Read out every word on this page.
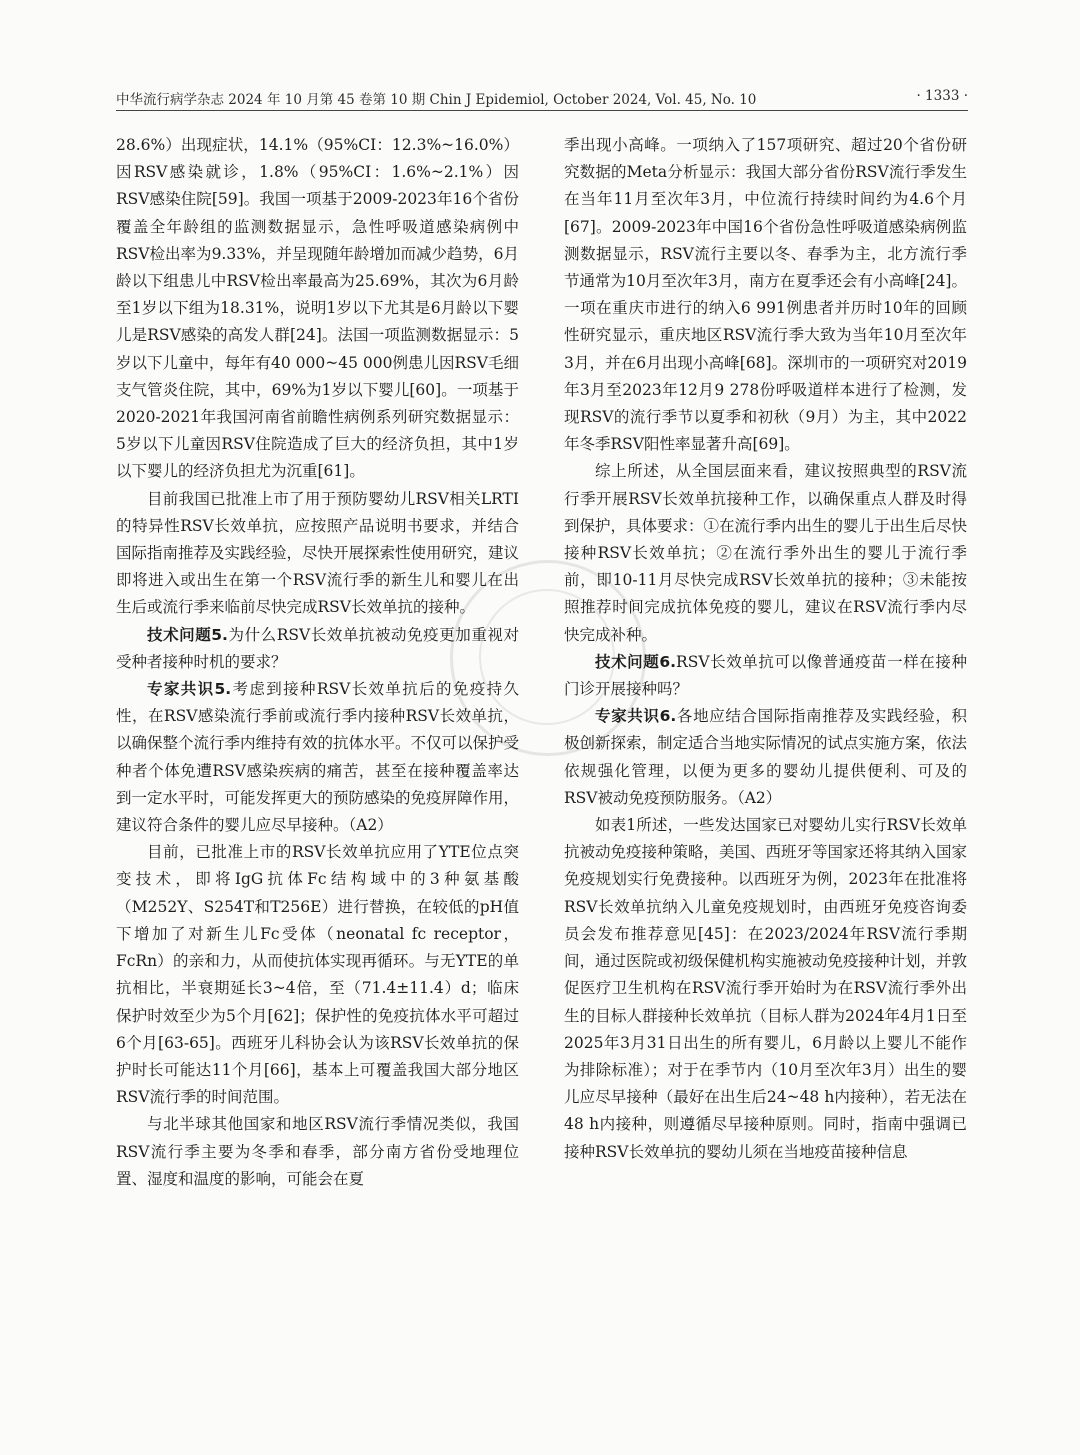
中华流行病学杂志 2024 年 10 月第 45 卷第 10 期 Chin J Epidemiol, October 2024, Vol. 45, No. 10	· 1333 ·

28.6%）出现症状，14.1%（95%CI：12.3%~16.0%）因RSV感染就诊，1.8%（95%CI：1.6%~2.1%）因RSV感染住院[59]。我国一项基于2009-2023年16个省份覆盖全年龄组的监测数据显示，急性呼吸道感染病例中RSV检出率为9.33%，并呈现随年龄增加而减少趋势，6月龄以下组患儿中RSV检出率最高为25.69%，其次为6月龄至1岁以下组为18.31%，说明1岁以下尤其是6月龄以下婴儿是RSV感染的高发人群[24]。法国一项监测数据显示：5岁以下儿童中，每年有40 000~45 000例患儿因RSV毛细支气管炎住院，其中，69%为1岁以下婴儿[60]。一项基于2020-2021年我国河南省前瞻性病例系列研究数据显示：5岁以下儿童因RSV住院造成了巨大的经济负担，其中1岁以下婴儿的经济负担尤为沉重[61]。

目前我国已批准上市了用于预防婴幼儿RSV相关LRTI的特异性RSV长效单抗，应按照产品说明书要求，并结合国际指南推荐及实践经验，尽快开展探索性使用研究，建议即将进入或出生在第一个RSV流行季的新生儿和婴儿在出生后或流行季来临前尽快完成RSV长效单抗的接种。

技术问题5.为什么RSV长效单抗被动免疫更加重视对受种者接种时机的要求？

专家共识5.考虑到接种RSV长效单抗后的免疫持久性，在RSV感染流行季前或流行季内接种RSV长效单抗，以确保整个流行季内维持有效的抗体水平。不仅可以保护受种者个体免遭RSV感染疾病的痛苦，甚至在接种覆盖率达到一定水平时，可能发挥更大的预防感染的免疫屏障作用，建议符合条件的婴儿应尽早接种。（A2）

目前，已批准上市的RSV长效单抗应用了YTE位点突变技术，即将IgG抗体Fc结构域中的3种氨基酸（M252Y、S254T和T256E）进行替换，在较低的pH值下增加了对新生儿Fc受体（neonatal fc receptor，FcRn）的亲和力，从而使抗体实现再循环。与无YTE的单抗相比，半衰期延长3~4倍，至（71.4±11.4）d；临床保护时效至少为5个月[62]；保护性的免疫抗体水平可超过6个月[63-65]。西班牙儿科协会认为该RSV长效单抗的保护时长可能达11个月[66]，基本上可覆盖我国大部分地区RSV流行季的时间范围。

与北半球其他国家和地区RSV流行季情况类似，我国RSV流行季主要为冬季和春季，部分南方省份受地理位置、湿度和温度的影响，可能会在夏

季出现小高峰。一项纳入了157项研究、超过20个省份研究数据的Meta分析显示：我国大部分省份RSV流行季发生在当年11月至次年3月，中位流行持续时间约为4.6个月[67]。2009-2023年中国16个省份急性呼吸道感染病例监测数据显示，RSV流行主要以冬、春季为主，北方流行季节通常为10月至次年3月，南方在夏季还会有小高峰[24]。一项在重庆市进行的纳入6 991例患者并历时10年的回顾性研究显示，重庆地区RSV流行季大致为当年10月至次年3月，并在6月出现小高峰[68]。深圳市的一项研究对2019年3月至2023年12月9 278份呼吸道样本进行了检测，发现RSV的流行季节以夏季和初秋（9月）为主，其中2022年冬季RSV阳性率显著升高[69]。

综上所述，从全国层面来看，建议按照典型的RSV流行季开展RSV长效单抗接种工作，以确保重点人群及时得到保护，具体要求：①在流行季内出生的婴儿于出生后尽快接种RSV长效单抗；②在流行季外出生的婴儿于流行季前，即10-11月尽快完成RSV长效单抗的接种；③未能按照推荐时间完成抗体免疫的婴儿，建议在RSV流行季内尽快完成补种。

技术问题6.RSV长效单抗可以像普通疫苗一样在接种门诊开展接种吗？

专家共识6.各地应结合国际指南推荐及实践经验，积极创新探索，制定适合当地实际情况的试点实施方案，依法依规强化管理，以便为更多的婴幼儿提供便利、可及的RSV被动免疫预防服务。（A2）

如表1所述，一些发达国家已对婴幼儿实行RSV长效单抗被动免疫接种策略，美国、西班牙等国家还将其纳入国家免疫规划实行免费接种。以西班牙为例，2023年在批准将RSV长效单抗纳入儿童免疫规划时，由西班牙免疫咨询委员会发布推荐意见[45]：在2023/2024年RSV流行季期间，通过医院或初级保健机构实施被动免疫接种计划，并敦促医疗卫生机构在RSV流行季开始时为在RSV流行季外出生的目标人群接种长效单抗（目标人群为2024年4月1日至2025年3月31日出生的所有婴儿，6月龄以上婴儿不能作为排除标准）；对于在季节内（10月至次年3月）出生的婴儿应尽早接种（最好在出生后24~48 h内接种），若无法在48 h内接种，则遵循尽早接种原则。同时，指南中强调已接种RSV长效单抗的婴幼儿须在当地疫苗接种信息
